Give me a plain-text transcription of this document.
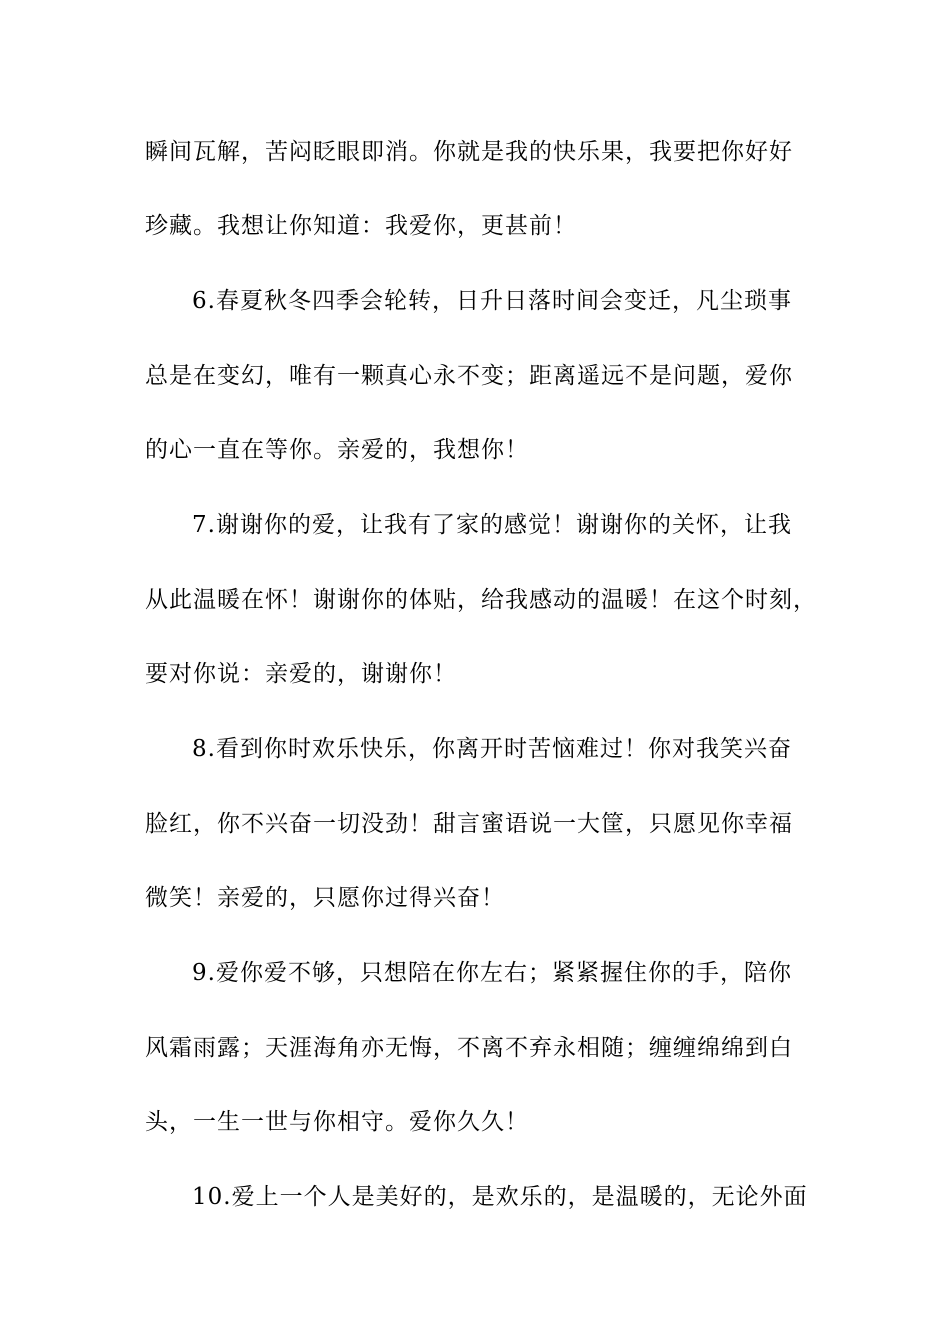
瞬间瓦解，苦闷眨眼即消。你就是我的快乐果，我要把你好好
珍藏。我想让你知道：我爱你，更甚前！
6.春夏秋冬四季会轮转，日升日落时间会变迁，凡尘琐事
总是在变幻，唯有一颗真心永不变；距离遥远不是问题，爱你
的心一直在等你。亲爱的，我想你！
7.谢谢你的爱，让我有了家的感觉！谢谢你的关怀，让我
从此温暖在怀！谢谢你的体贴，给我感动的温暖！在这个时刻，
要对你说：亲爱的，谢谢你！
8.看到你时欢乐快乐，你离开时苦恼难过！你对我笑兴奋
脸红，你不兴奋一切没劲！甜言蜜语说一大筐，只愿见你幸福
微笑！亲爱的，只愿你过得兴奋！
9.爱你爱不够，只想陪在你左右；紧紧握住你的手，陪你
风霜雨露；天涯海角亦无悔，不离不弃永相随；缠缠绵绵到白
头，一生一世与你相守。爱你久久！
10.爱上一个人是美好的，是欢乐的，是温暖的，无论外面
